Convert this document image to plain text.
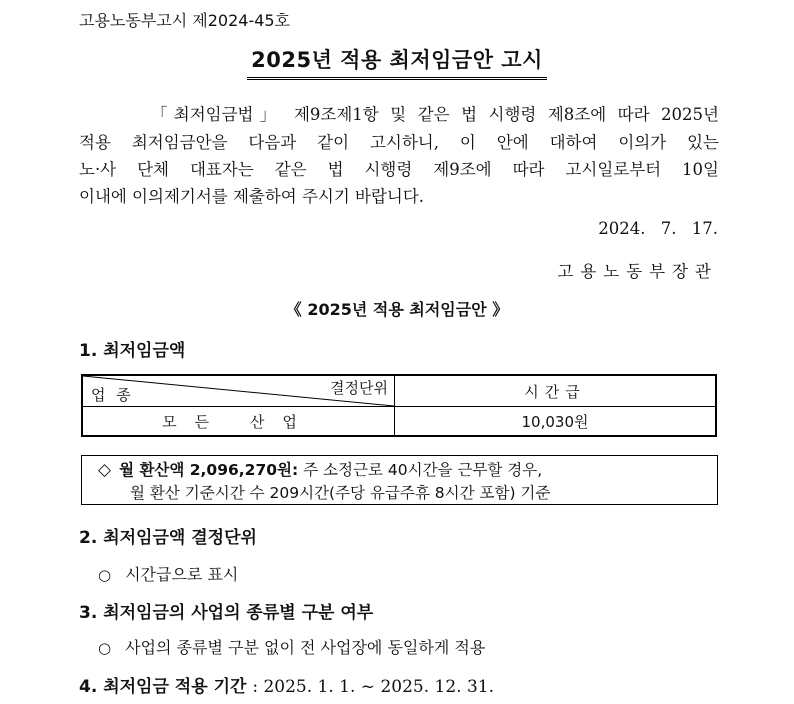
고용노동부고시 제2024-45호
2025년 적용 최저임금안 고시
「최저임금법」 제9조제1항 및 같은 법 시행령 제8조에 따라 2025년
적용 최저임금안을 다음과 같이 고시하니, 이 안에 대하여 이의가 있는
노·사 단체 대표자는 같은 법 시행령 제9조에 따라 고시일로부터 10일
이내에 이의제기서를 제출하여 주시기 바랍니다.
2024. 7. 17.
고용노동부장관
《 2025년 적용 최저임금안 》
1. 최저임금액
결정단위
업 종	시간급
모든 산업	10,030원
◇ 월 환산액 2,096,270원: 주 소정근로 40시간을 근무할 경우,
월 환산 기준시간 수 209시간(주당 유급주휴 8시간 포함) 기준
2. 최저임금액 결정단위
○ 시간급으로 표시
3. 최저임금의 사업의 종류별 구분 여부
○ 사업의 종류별 구분 없이 전 사업장에 동일하게 적용
4. 최저임금 적용 기간 : 2025. 1. 1. ~ 2025. 12. 31.
